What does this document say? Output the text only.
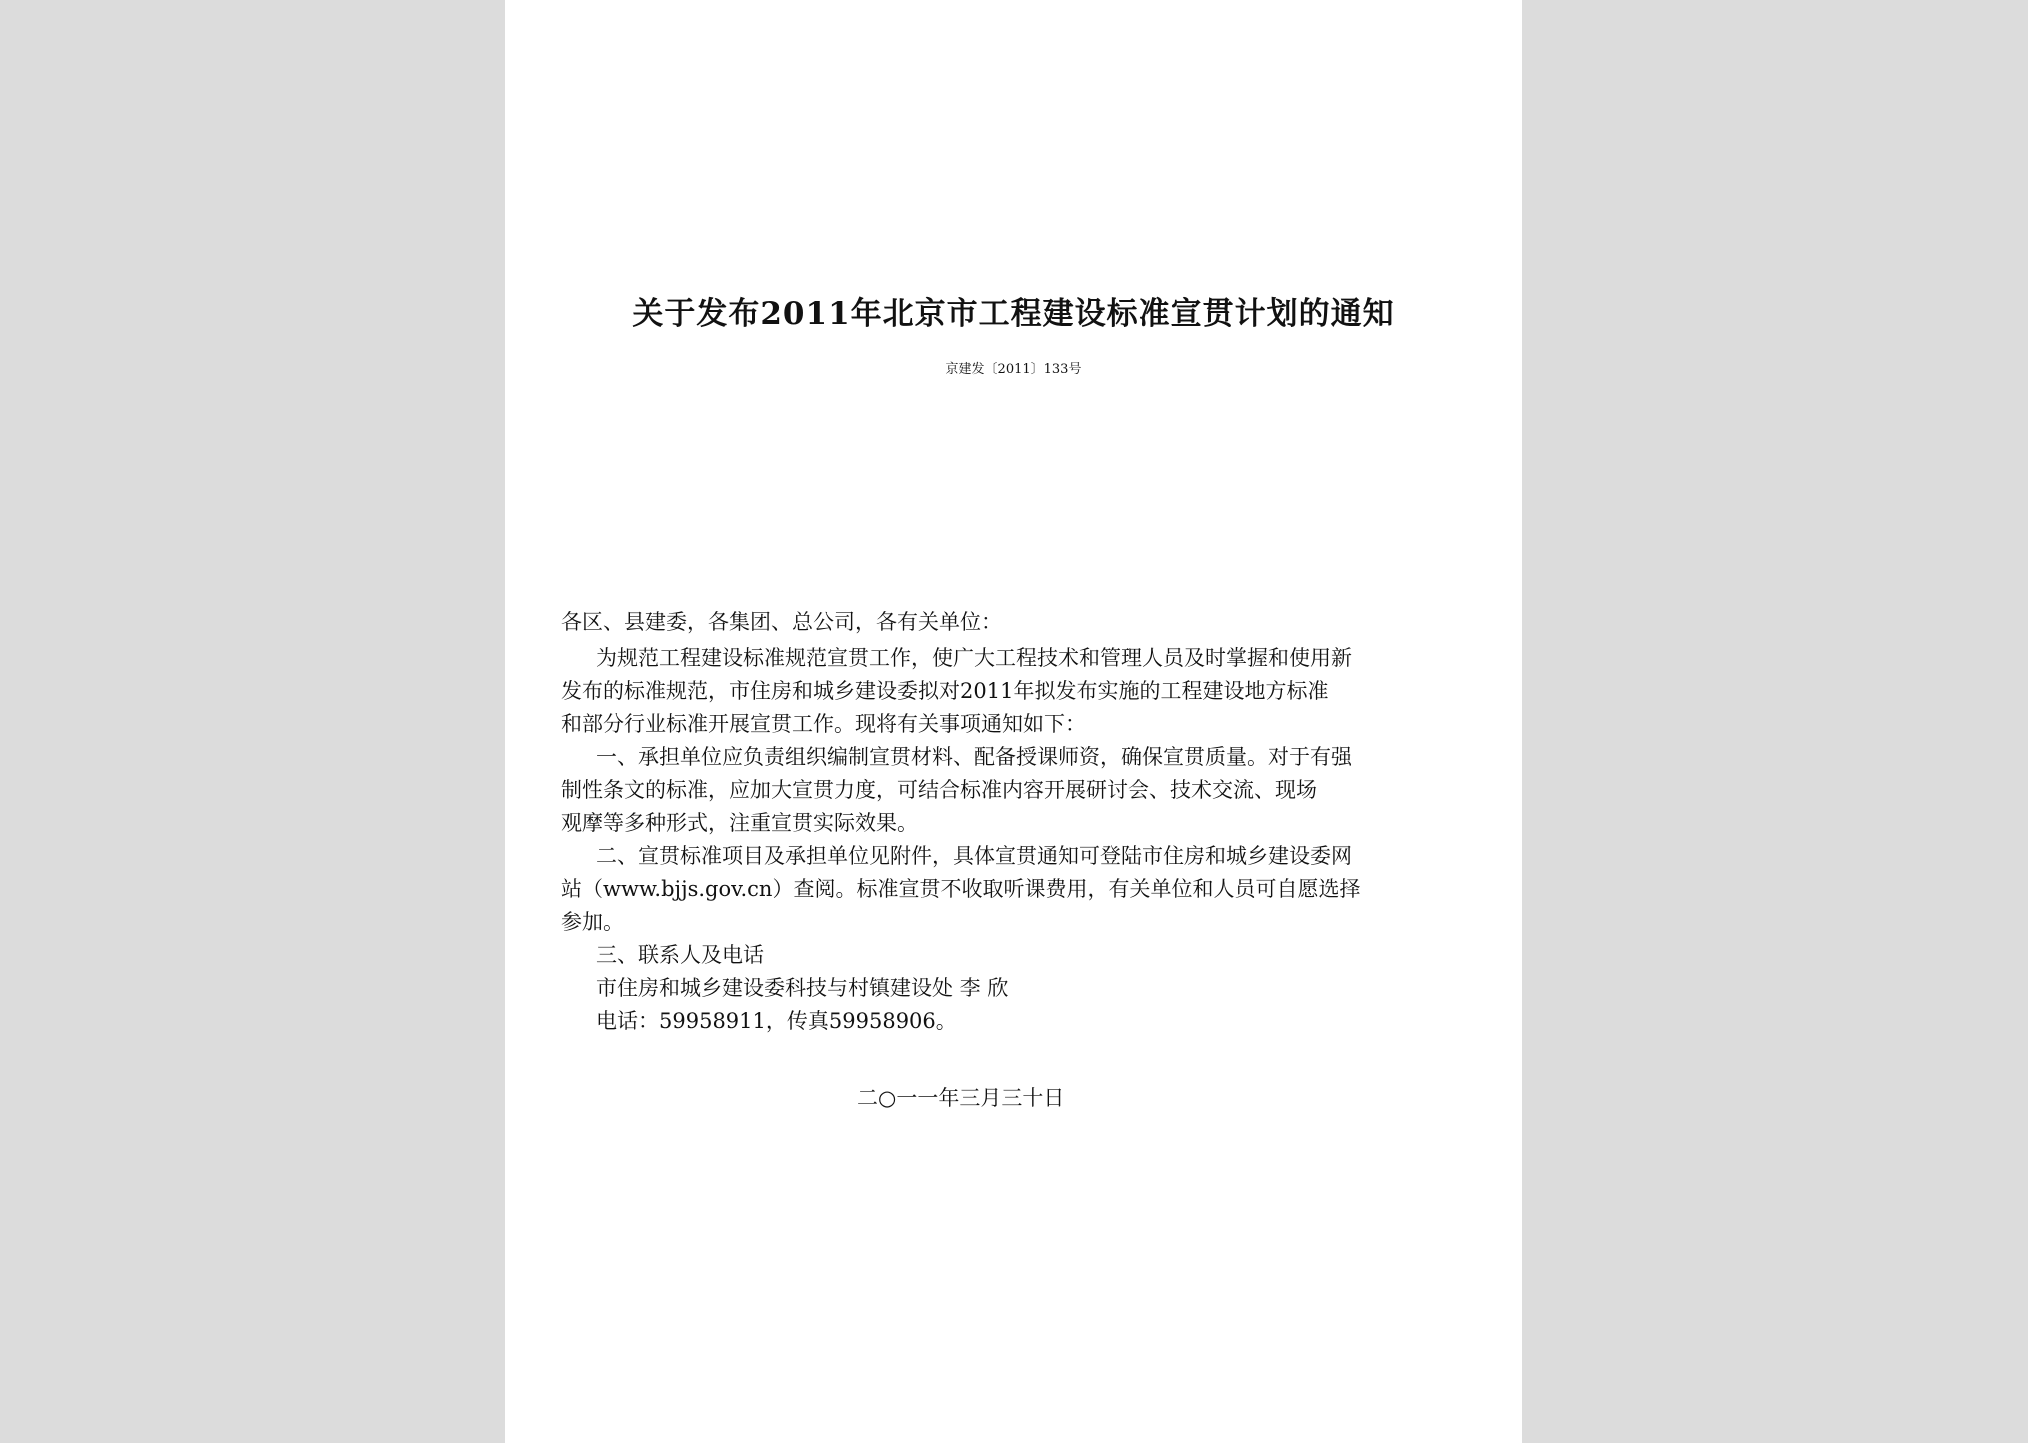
关于发布2011年北京市工程建设标准宣贯计划的通知
京建发〔2011〕133号
各区、县建委，各集团、总公司，各有关单位：
为规范工程建设标准规范宣贯工作，使广大工程技术和管理人员及时掌握和使用新
发布的标准规范，市住房和城乡建设委拟对2011年拟发布实施的工程建设地方标准
和部分行业标准开展宣贯工作。现将有关事项通知如下：
一、承担单位应负责组织编制宣贯材料、配备授课师资，确保宣贯质量。对于有强
制性条文的标准，应加大宣贯力度，可结合标准内容开展研讨会、技术交流、现场
观摩等多种形式，注重宣贯实际效果。
二、宣贯标准项目及承担单位见附件，具体宣贯通知可登陆市住房和城乡建设委网
站（www.bjjs.gov.cn）查阅。标准宣贯不收取听课费用，有关单位和人员可自愿选择
参加。
三、联系人及电话
市住房和城乡建设委科技与村镇建设处 李 欣
电话：59958911，传真59958906。
二○一一年三月三十日
